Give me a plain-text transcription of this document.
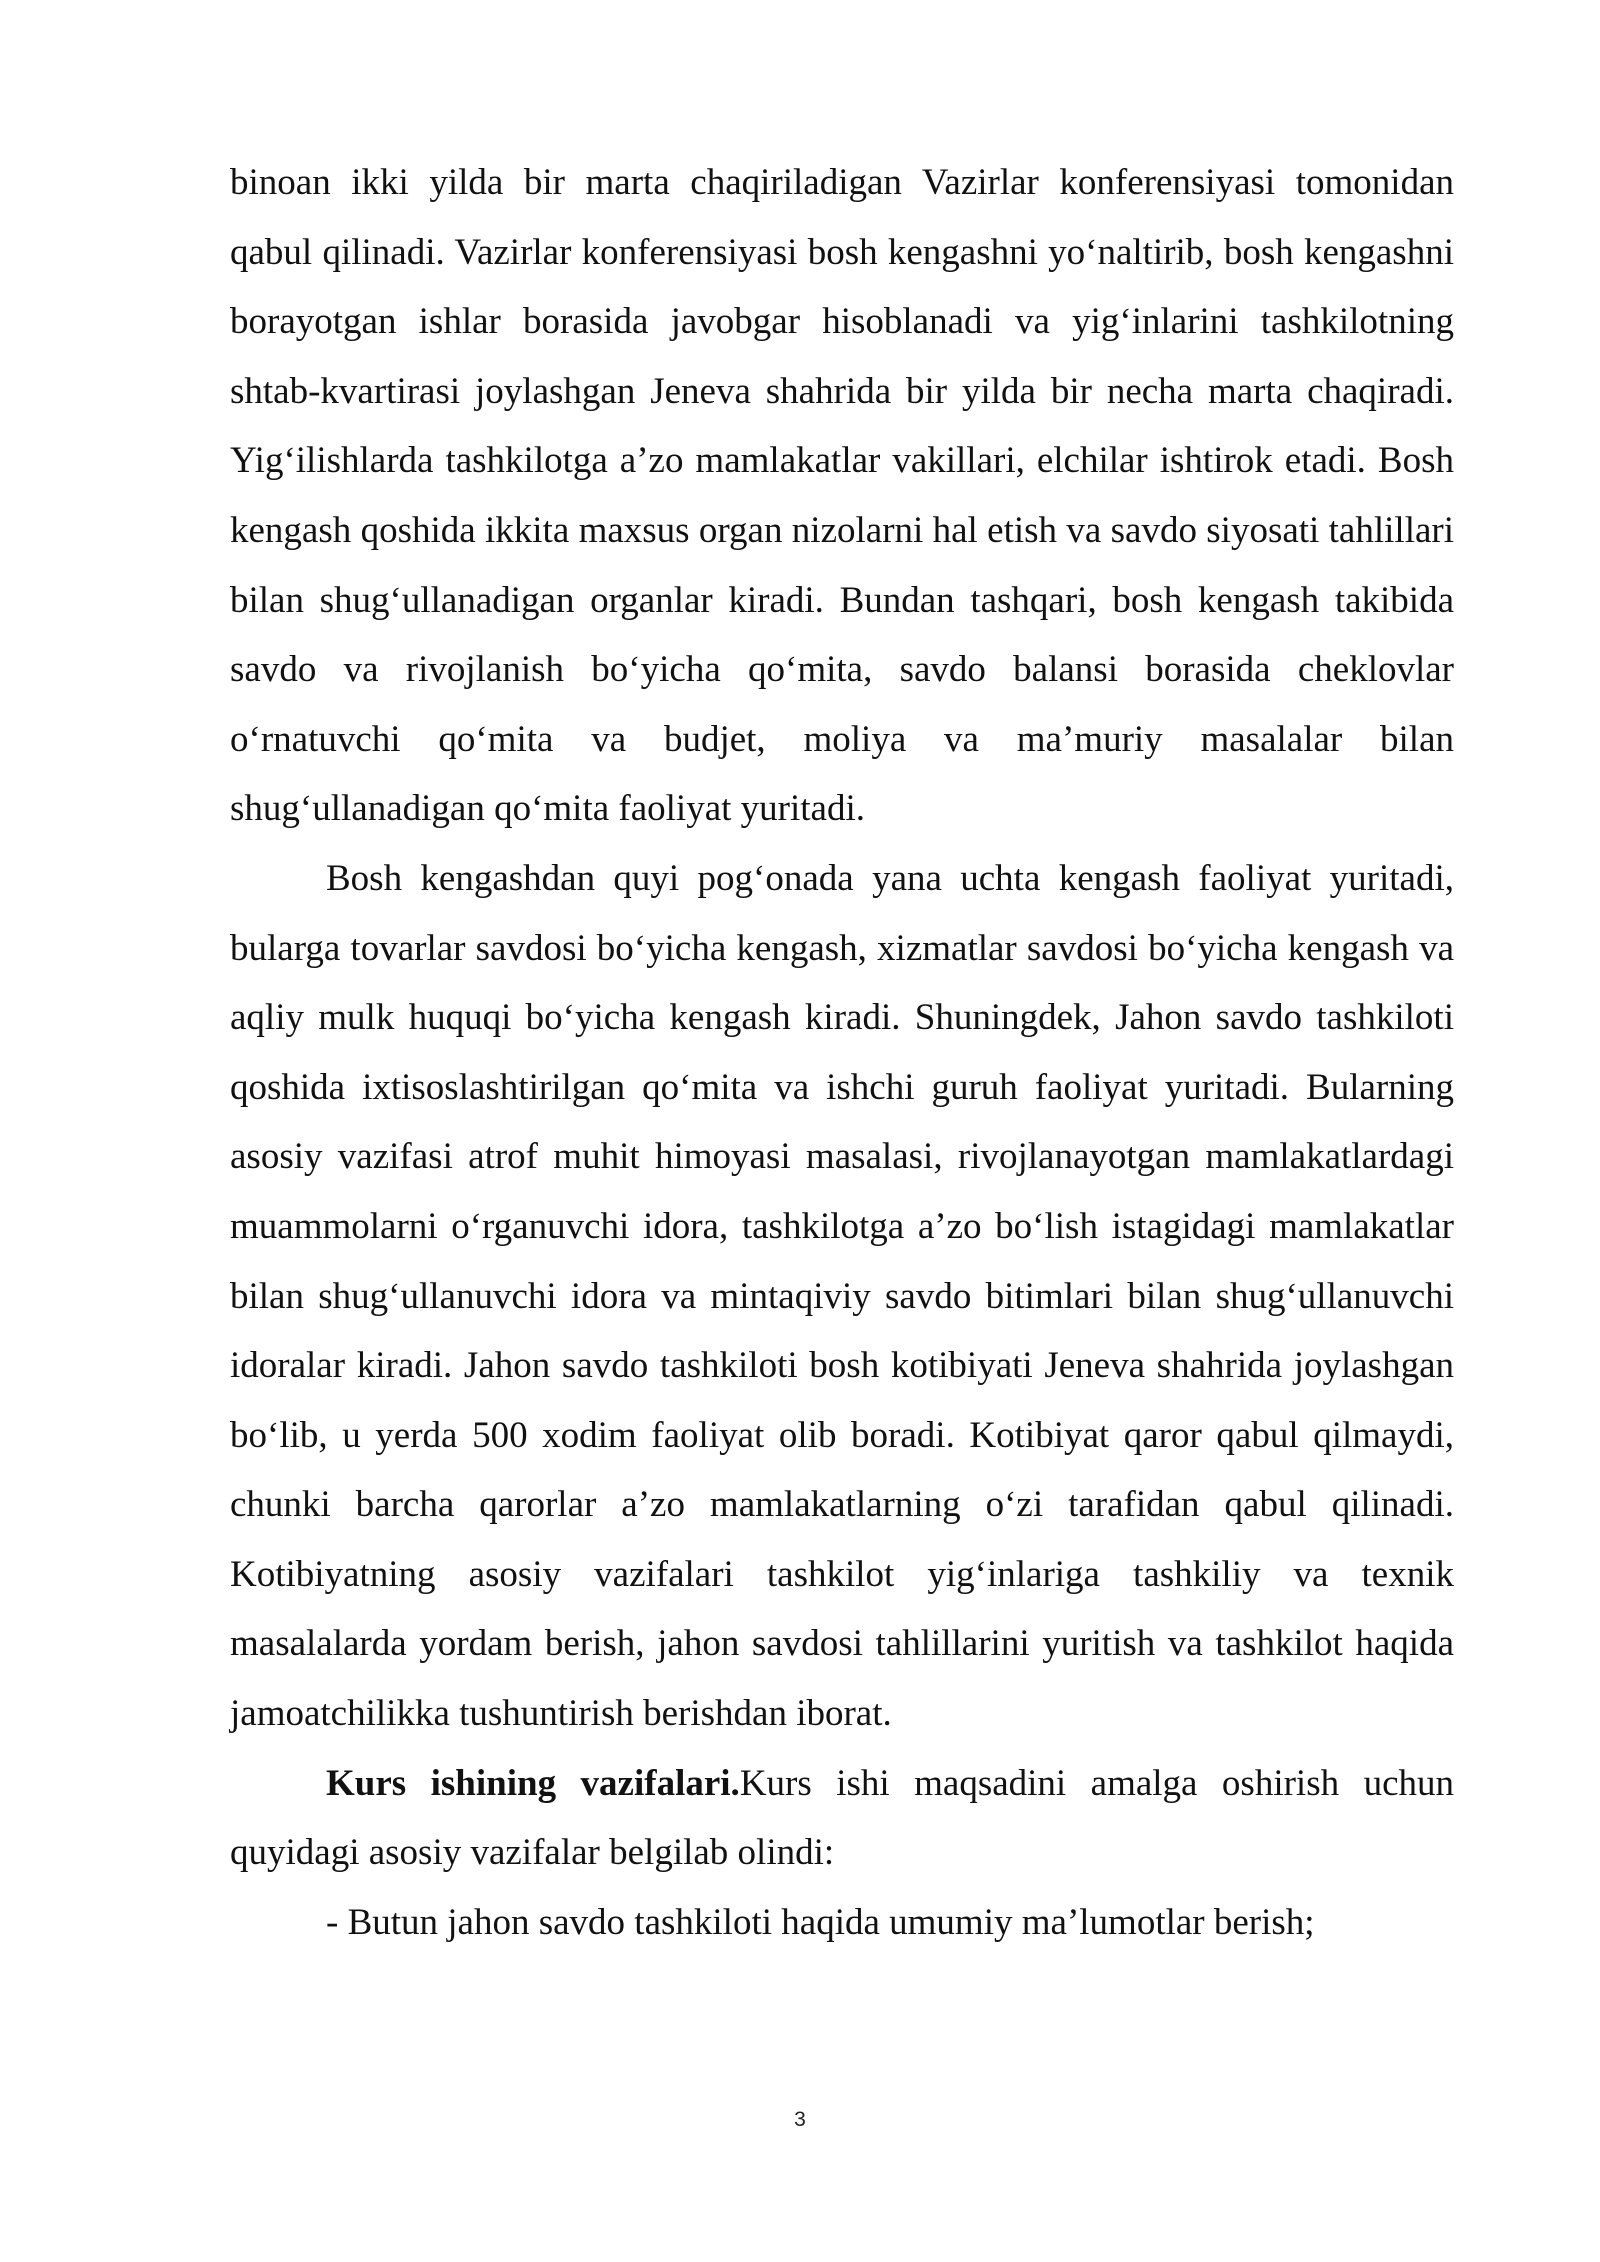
binoan ikki yilda bir marta chaqiriladigan Vazirlar konferensiyasi tomonidan qabul qilinadi. Vazirlar konferensiyasi bosh kengashni yo‘naltirib, bosh kengashni borayotgan ishlar borasida javobgar hisoblanadi va yig‘inlarini tashkilotning shtab-kvartirasi joylashgan Jeneva shahrida bir yilda bir necha marta chaqiradi. Yig‘ilishlarda tashkilotga a’zo mamlakatlar vakillari, elchilar ishtirok etadi. Bosh kengash qoshida ikkita maxsus organ nizolarni hal etish va savdo siyosati tahlillari bilan shug‘ullanadigan organlar kiradi. Bundan tashqari, bosh kengash takibida savdo va rivojlanish bo‘yicha qo‘mita, savdo balansi borasida cheklovlar o‘rnatuvchi qo‘mita va budjet, moliya va ma’muriy masalalar bilan shug‘ullanadigan qo‘mita faoliyat yuritadi.

Bosh kengashdan quyi pog‘onada yana uchta kengash faoliyat yuritadi, bularga tovarlar savdosi bo‘yicha kengash, xizmatlar savdosi bo‘yicha kengash va aqliy mulk huquqi bo‘yicha kengash kiradi. Shuningdek, Jahon savdo tashkiloti qoshida ixtisoslashtirilgan qo‘mita va ishchi guruh faoliyat yuritadi. Bularning asosiy vazifasi atrof muhit himoyasi masalasi, rivojlanayotgan mamlakatlardagi muammolarni o‘rganuvchi idora, tashkilotga a’zo bo‘lish istagidagi mamlakatlar bilan shug‘ullanuvchi idora va mintaqiviy savdo bitimlari bilan shug‘ullanuvchi idoralar kiradi. Jahon savdo tashkiloti bosh kotibiyati Jeneva shahrida joylashgan bo‘lib, u yerda 500 xodim faoliyat olib boradi. Kotibiyat qaror qabul qilmaydi, chunki barcha qarorlar a’zo mamlakatlarning o‘zi tarafidan qabul qilinadi. Kotibiyatning asosiy vazifalari tashkilot yig‘inlariga tashkiliy va texnik masalalarda yordam berish, jahon savdosi tahlillarini yuritish va tashkilot haqida jamoatchilikka tushuntirish berishdan iborat.

Kurs ishining vazifalari.Kurs ishi maqsadini amalga oshirish uchun quyidagi asosiy vazifalar belgilab olindi:

- Butun jahon savdo tashkiloti haqida umumiy ma’lumotlar berish;

3
